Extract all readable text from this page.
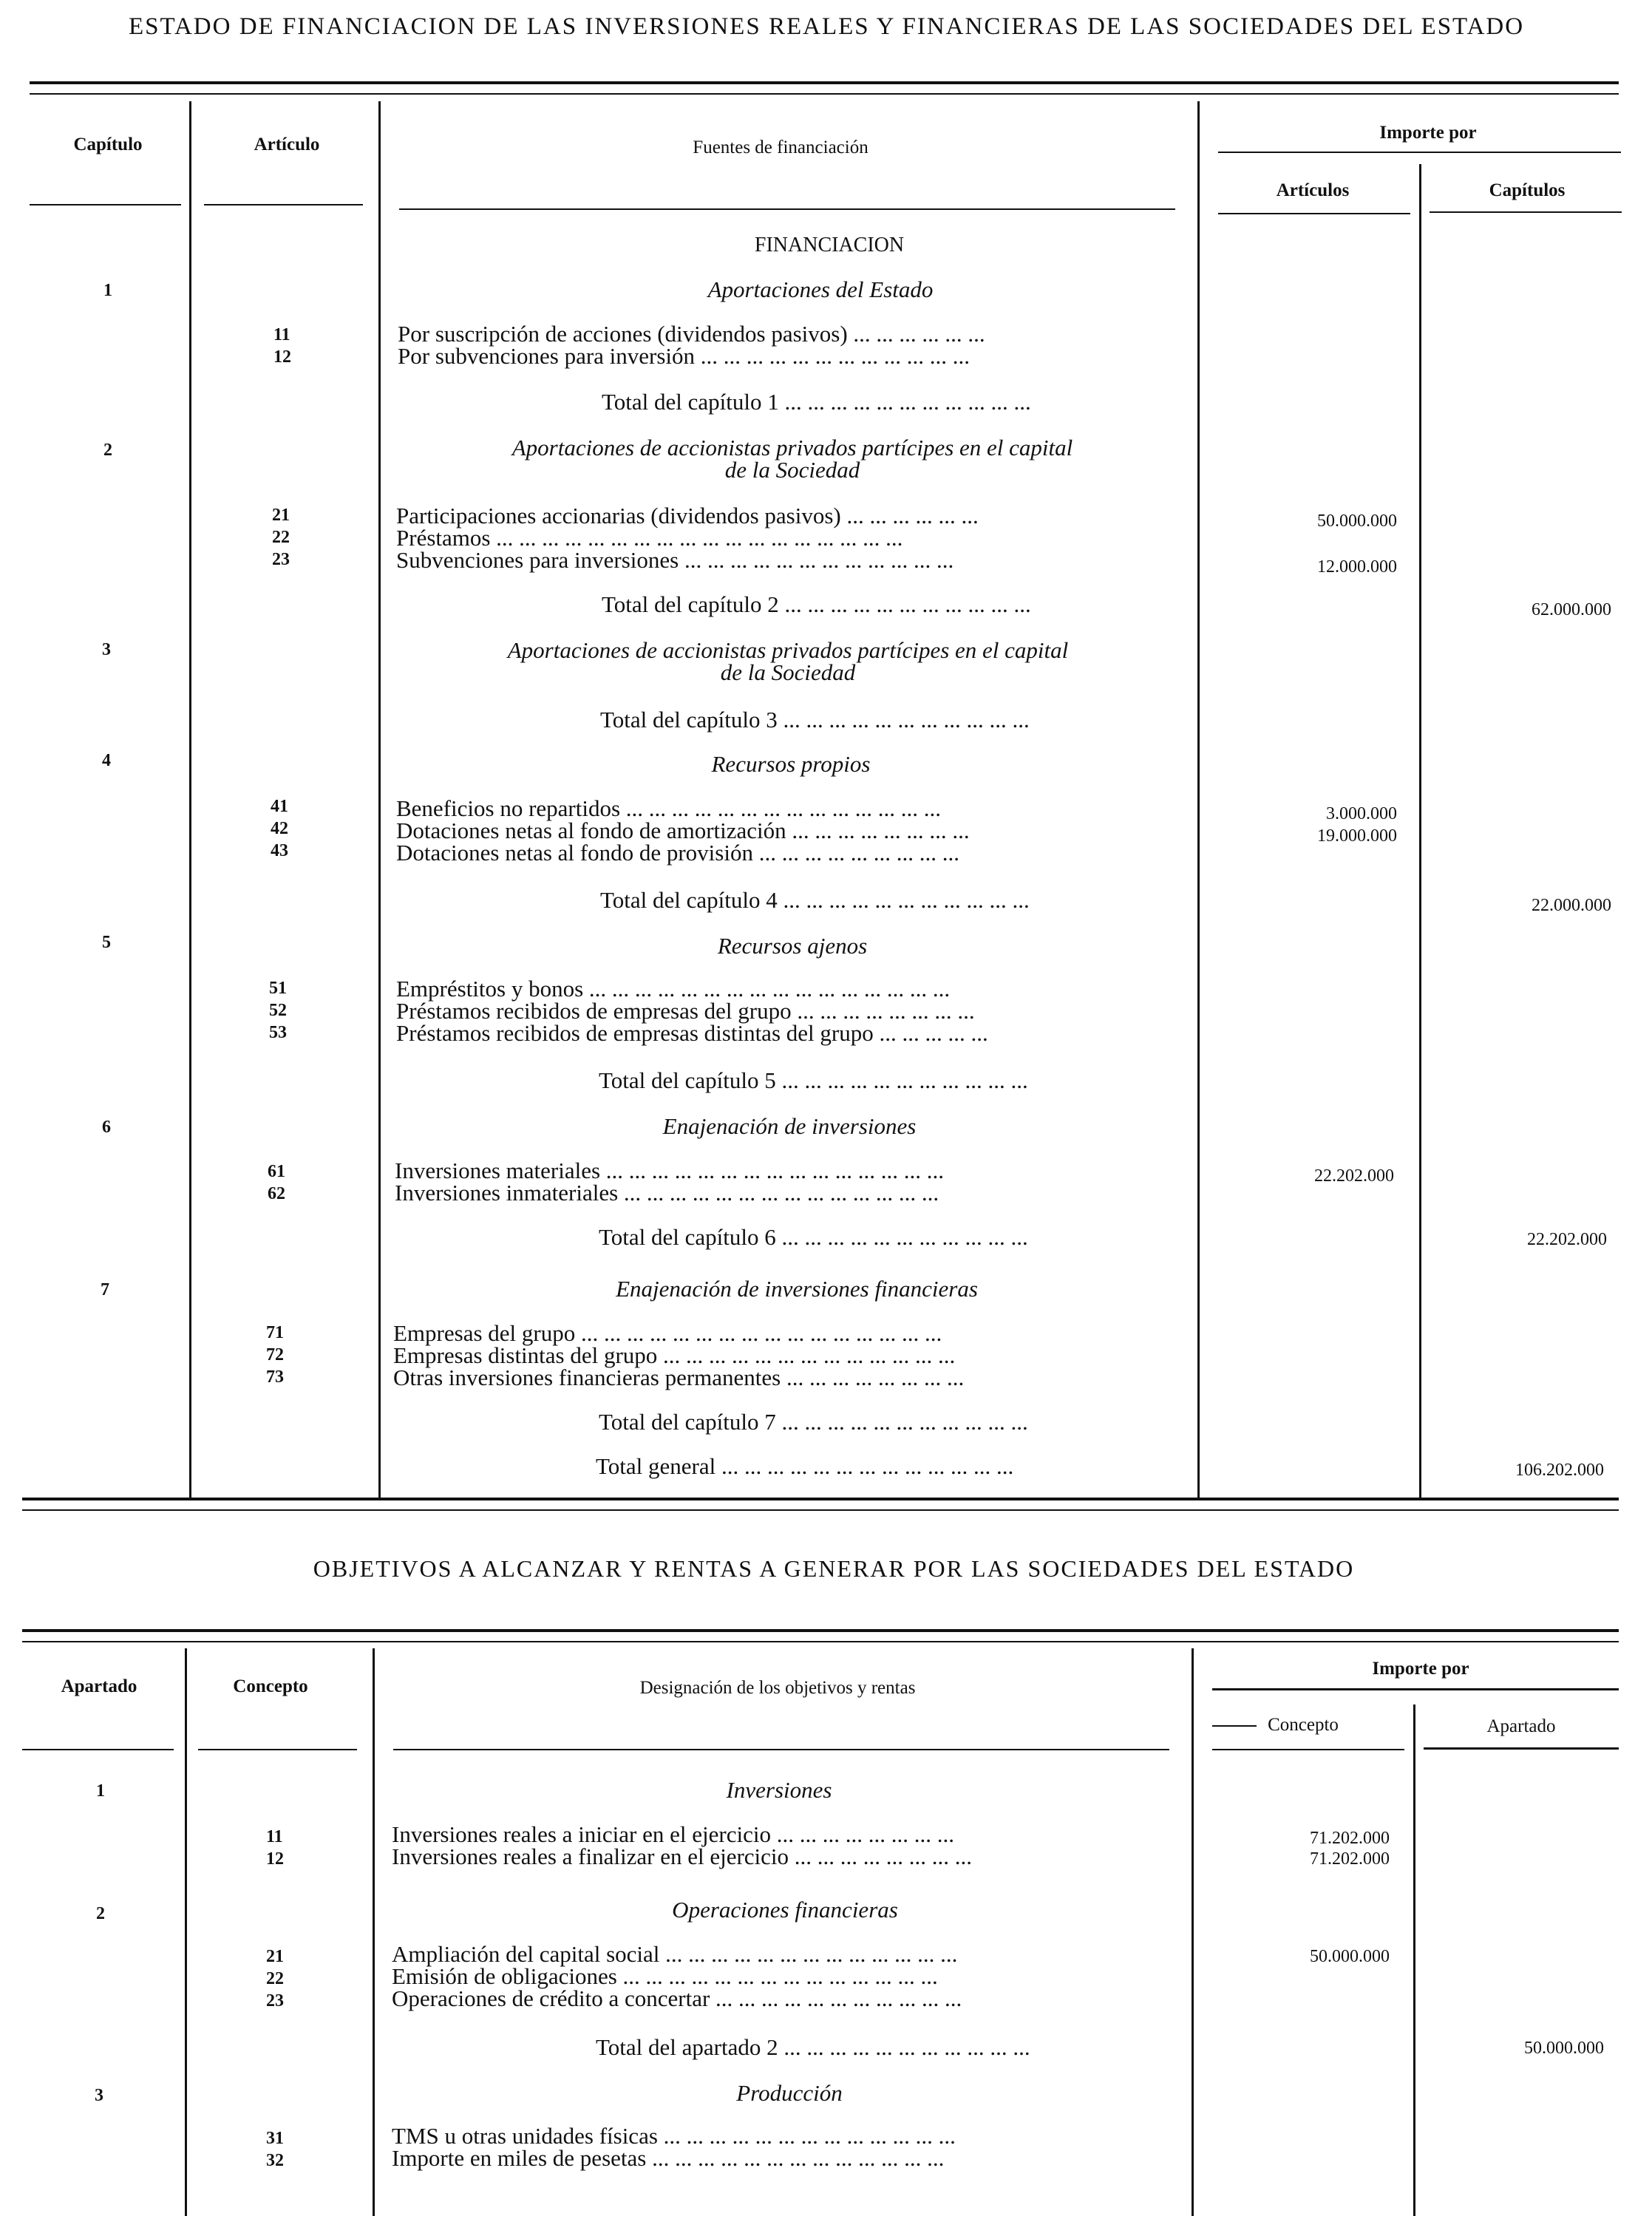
ESTADO DE FINANCIACION DE LAS INVERSIONES REALES Y FINANCIERAS DE LAS SOCIEDADES DEL ESTADO
Capítulo	Artículo	Fuentes de financiación
Importe por
Artículos	Capítulos
FINANCIACION
1	Aportaciones del Estado
11	Por suscripción de acciones (dividendos pasivos) ... ... ... ... ... ...
12	Por subvenciones para inversión ... ... ... ... ... ... ... ... ... ... ... ...
Total del capítulo 1 ... ... ... ... ... ... ... ... ... ... ...
2	Aportaciones de accionistas privados partícipes en el capital
de la Sociedad
21	Participaciones accionarias (dividendos pasivos) ... ... ... ... ... ...	50.000.000
22	Préstamos ... ... ... ... ... ... ... ... ... ... ... ... ... ... ... ... ... ...
23	Subvenciones para inversiones ... ... ... ... ... ... ... ... ... ... ... ...	12.000.000
Total del capítulo 2 ... ... ... ... ... ... ... ... ... ... ...	62.000.000
3	Aportaciones de accionistas privados partícipes en el capital
de la Sociedad
Total del capítulo 3 ... ... ... ... ... ... ... ... ... ... ...
4	Recursos propios
41	Beneficios no repartidos ... ... ... ... ... ... ... ... ... ... ... ... ... ...	3.000.000
42	Dotaciones netas al fondo de amortización ... ... ... ... ... ... ... ...	19.000.000
43	Dotaciones netas al fondo de provisión ... ... ... ... ... ... ... ... ...
Total del capítulo 4 ... ... ... ... ... ... ... ... ... ... ...	22.000.000
5	Recursos ajenos
51	Empréstitos y bonos ... ... ... ... ... ... ... ... ... ... ... ... ... ... ... ...
52	Préstamos recibidos de empresas del grupo ... ... ... ... ... ... ... ...
53	Préstamos recibidos de empresas distintas del grupo ... ... ... ... ...
Total del capítulo 5 ... ... ... ... ... ... ... ... ... ... ...
6	Enajenación de inversiones
61	Inversiones materiales ... ... ... ... ... ... ... ... ... ... ... ... ... ... ...	22.202.000
62	Inversiones inmateriales ... ... ... ... ... ... ... ... ... ... ... ... ... ...
Total del capítulo 6 ... ... ... ... ... ... ... ... ... ... ...	22.202.000
7	Enajenación de inversiones financieras
71	Empresas del grupo ... ... ... ... ... ... ... ... ... ... ... ... ... ... ... ...
72	Empresas distintas del grupo ... ... ... ... ... ... ... ... ... ... ... ... ...
73	Otras inversiones financieras permanentes ... ... ... ... ... ... ... ...
Total del capítulo 7 ... ... ... ... ... ... ... ... ... ... ...
Total general ... ... ... ... ... ... ... ... ... ... ... ... ...	106.202.000
OBJETIVOS A ALCANZAR Y RENTAS A GENERAR POR LAS SOCIEDADES DEL ESTADO
Apartado	Concepto	Designación de los objetivos y rentas
Importe por
Concepto	Apartado
1	Inversiones
11	Inversiones reales a iniciar en el ejercicio ... ... ... ... ... ... ... ...	71.202.000
12	Inversiones reales a finalizar en el ejercicio ... ... ... ... ... ... ... ...	71.202.000
2	Operaciones financieras
21	Ampliación del capital social ... ... ... ... ... ... ... ... ... ... ... ... ...	50.000.000
22	Emisión de obligaciones ... ... ... ... ... ... ... ... ... ... ... ... ... ...
23	Operaciones de crédito a concertar ... ... ... ... ... ... ... ... ... ... ...
Total del apartado 2 ... ... ... ... ... ... ... ... ... ... ...	50.000.000
3	Producción
31	TMS u otras unidades físicas ... ... ... ... ... ... ... ... ... ... ... ... ...
32	Importe en miles de pesetas ... ... ... ... ... ... ... ... ... ... ... ... ...
